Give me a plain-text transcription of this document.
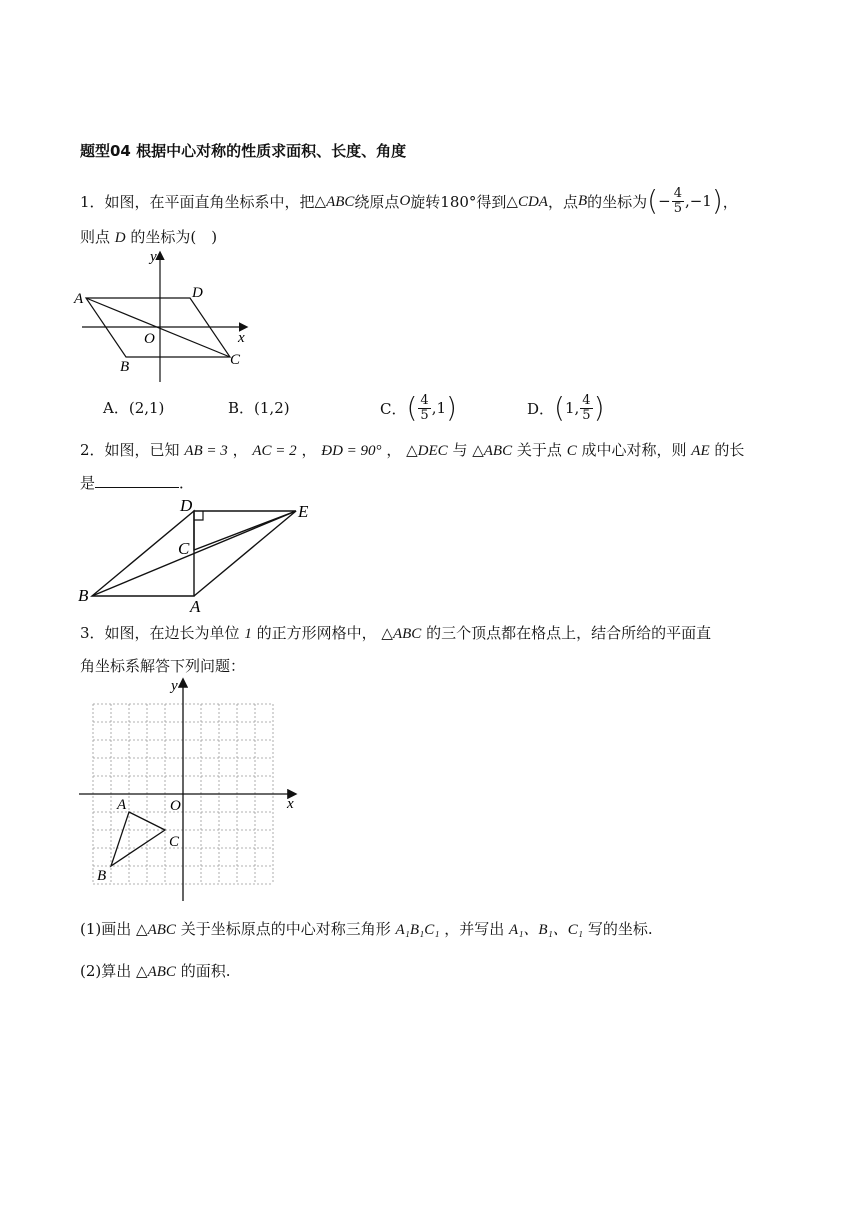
题型04 根据中心对称的性质求面积、长度、角度
1．如图，在平面直角坐标系中，把 △ABC 绕原点 O 旋转180°得到 △CDA ，点 B 的坐标为 ( − $\frac{4}{5} ,-1$ ) ，
则点 D 的坐标为(　)
y
x
O
A
B	C
D
A．(2,1)	B．(1,2)	C． ( $\frac{4}{5} ,1$ )	D． ( 1, $\frac{4}{5}$ )
2．如图，已知 AB = 3 ， AC = 2 ， ÐD = 90° ， △DEC 与 △ABC 关于点 C 成中心对称，则 AE 的长
是	．
D	E
C
B
A
3．如图，在边长为单位 1 的正方形网格中， △ABC 的三个顶点都在格点上，结合所给的平面直
角坐标系解答下列问题：
y
x
O
A
B
C
(1)画出 △ABC 关于坐标原点的中心对称三角形 A₁B₁C₁ ，并写出 A₁、B₁、C₁ 写的坐标.
(2)算出 △ABC 的面积.
